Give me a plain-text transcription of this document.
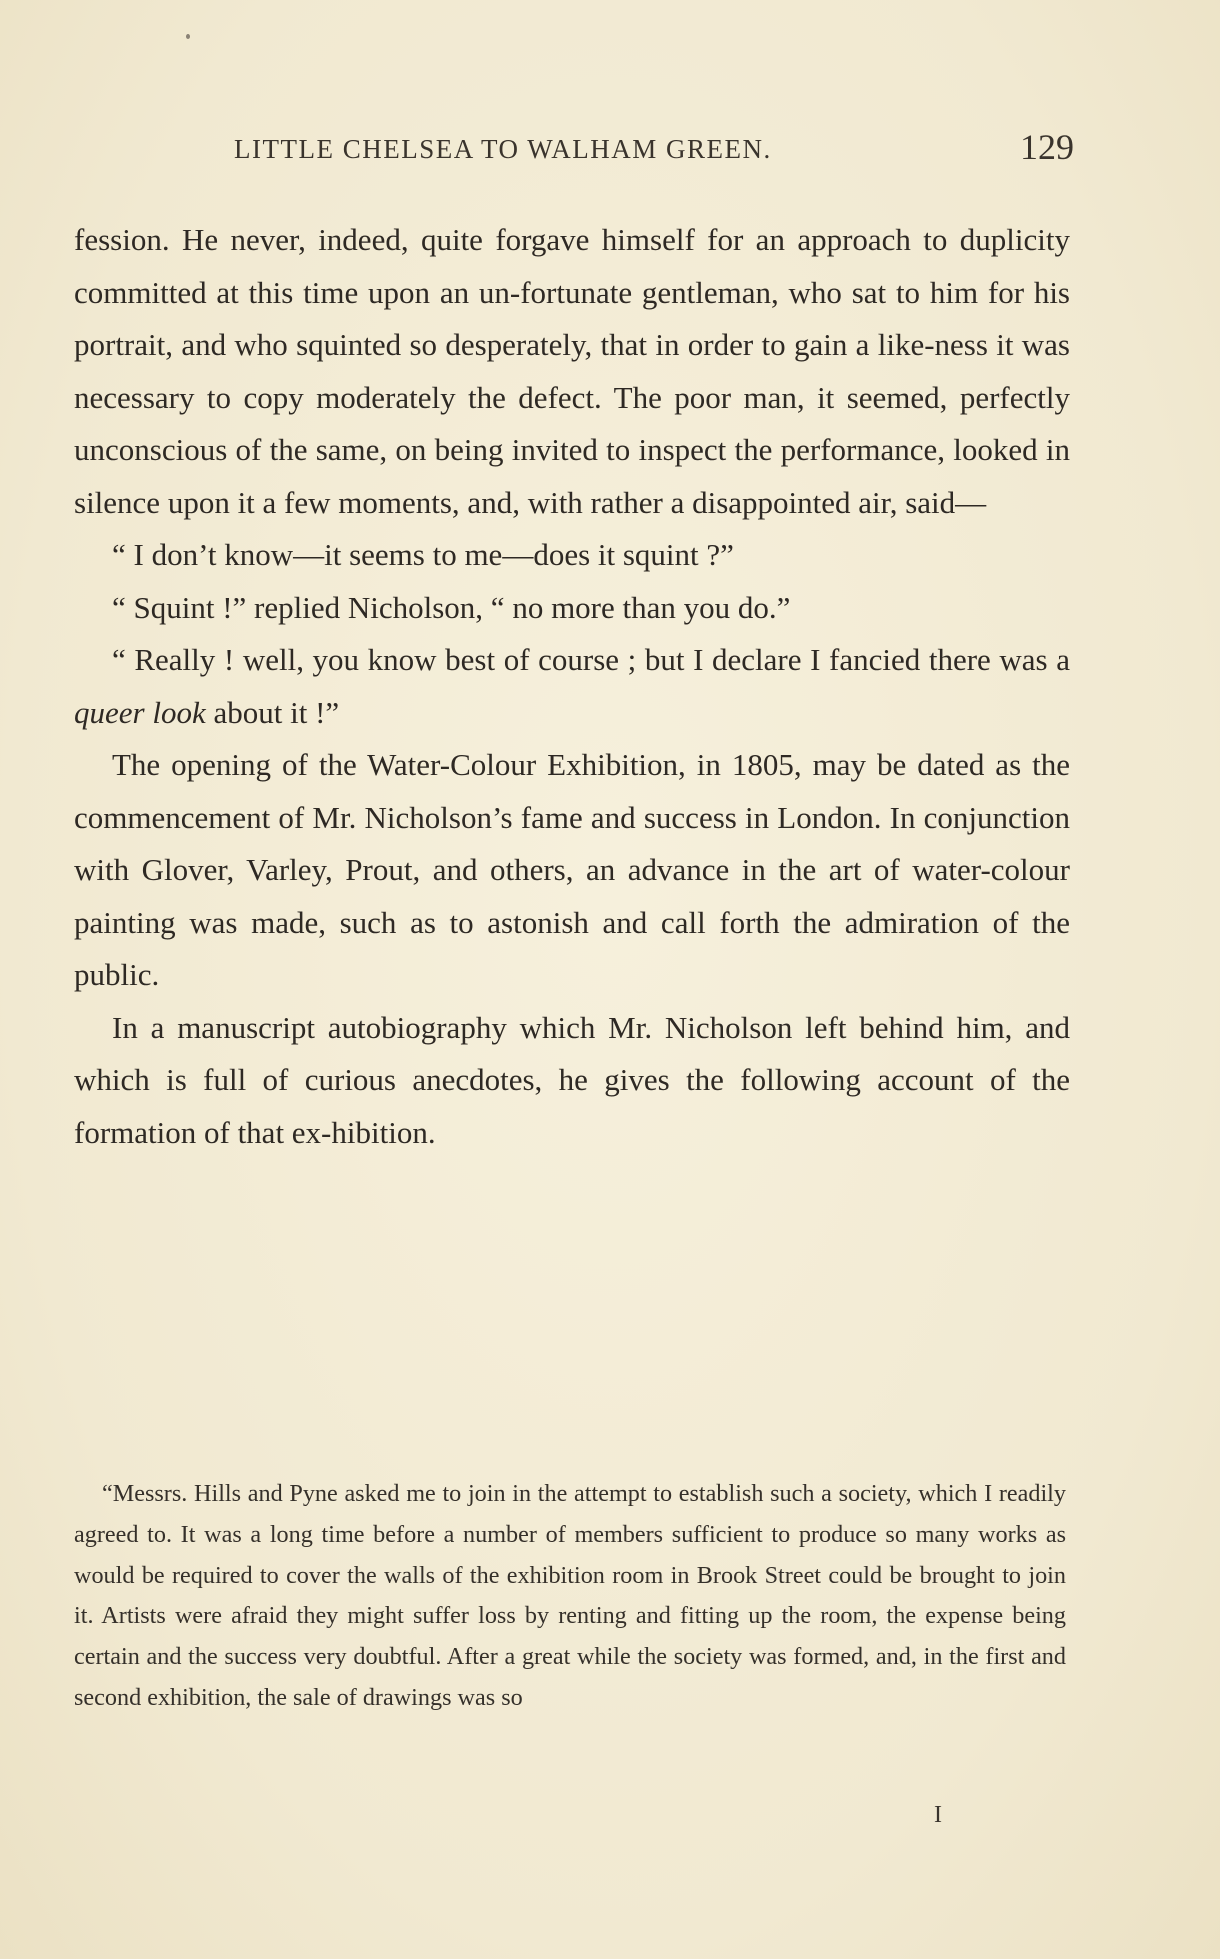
LITTLE CHELSEA TO WALHAM GREEN.	129

fession. He never, indeed, quite forgave himself for an approach to duplicity committed at this time upon an un-fortunate gentleman, who sat to him for his portrait, and who squinted so desperately, that in order to gain a like-ness it was necessary to copy moderately the defect. The poor man, it seemed, perfectly unconscious of the same, on being invited to inspect the performance, looked in silence upon it a few moments, and, with rather a disappointed air, said—

“ I don’t know—it seems to me—does it squint ?”

“ Squint !” replied Nicholson, “ no more than you do.”

“ Really ! well, you know best of course ; but I declare I fancied there was a queer look about it !”

The opening of the Water-Colour Exhibition, in 1805, may be dated as the commencement of Mr. Nicholson’s fame and success in London. In conjunction with Glover, Varley, Prout, and others, an advance in the art of water-colour painting was made, such as to astonish and call forth the admiration of the public.

In a manuscript autobiography which Mr. Nicholson left behind him, and which is full of curious anecdotes, he gives the following account of the formation of that ex-hibition.

“Messrs. Hills and Pyne asked me to join in the attempt to establish such a society, which I readily agreed to. It was a long time before a number of members sufficient to produce so many works as would be required to cover the walls of the exhibition room in Brook Street could be brought to join it. Artists were afraid they might suffer loss by renting and fitting up the room, the expense being certain and the success very doubtful. After a great while the society was formed, and, in the first and second exhibition, the sale of drawings was so

I
